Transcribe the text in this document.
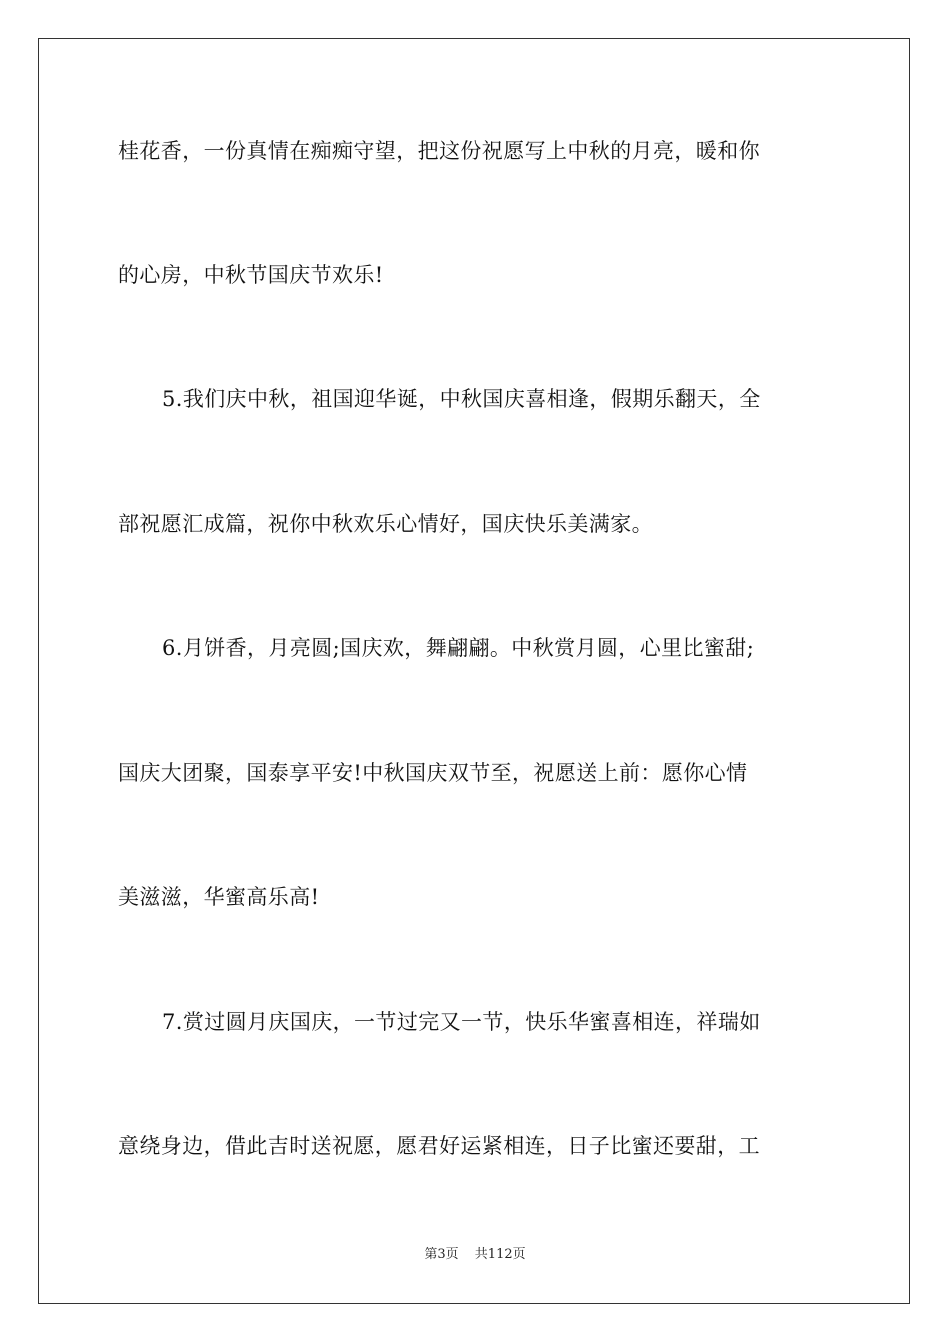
桂花香，一份真情在痴痴守望，把这份祝愿写上中秋的月亮，暖和你
的心房，中秋节国庆节欢乐!
5.我们庆中秋，祖国迎华诞，中秋国庆喜相逢，假期乐翻天，全
部祝愿汇成篇，祝你中秋欢乐心情好，国庆快乐美满家。
6.月饼香，月亮圆;国庆欢，舞翩翩。中秋赏月圆，心里比蜜甜;
国庆大团聚，国泰享平安!中秋国庆双节至，祝愿送上前：愿你心情
美滋滋，华蜜高乐高!
7.赏过圆月庆国庆，一节过完又一节，快乐华蜜喜相连，祥瑞如
意绕身边，借此吉时送祝愿，愿君好运紧相连，日子比蜜还要甜，工
第3页 共112页
